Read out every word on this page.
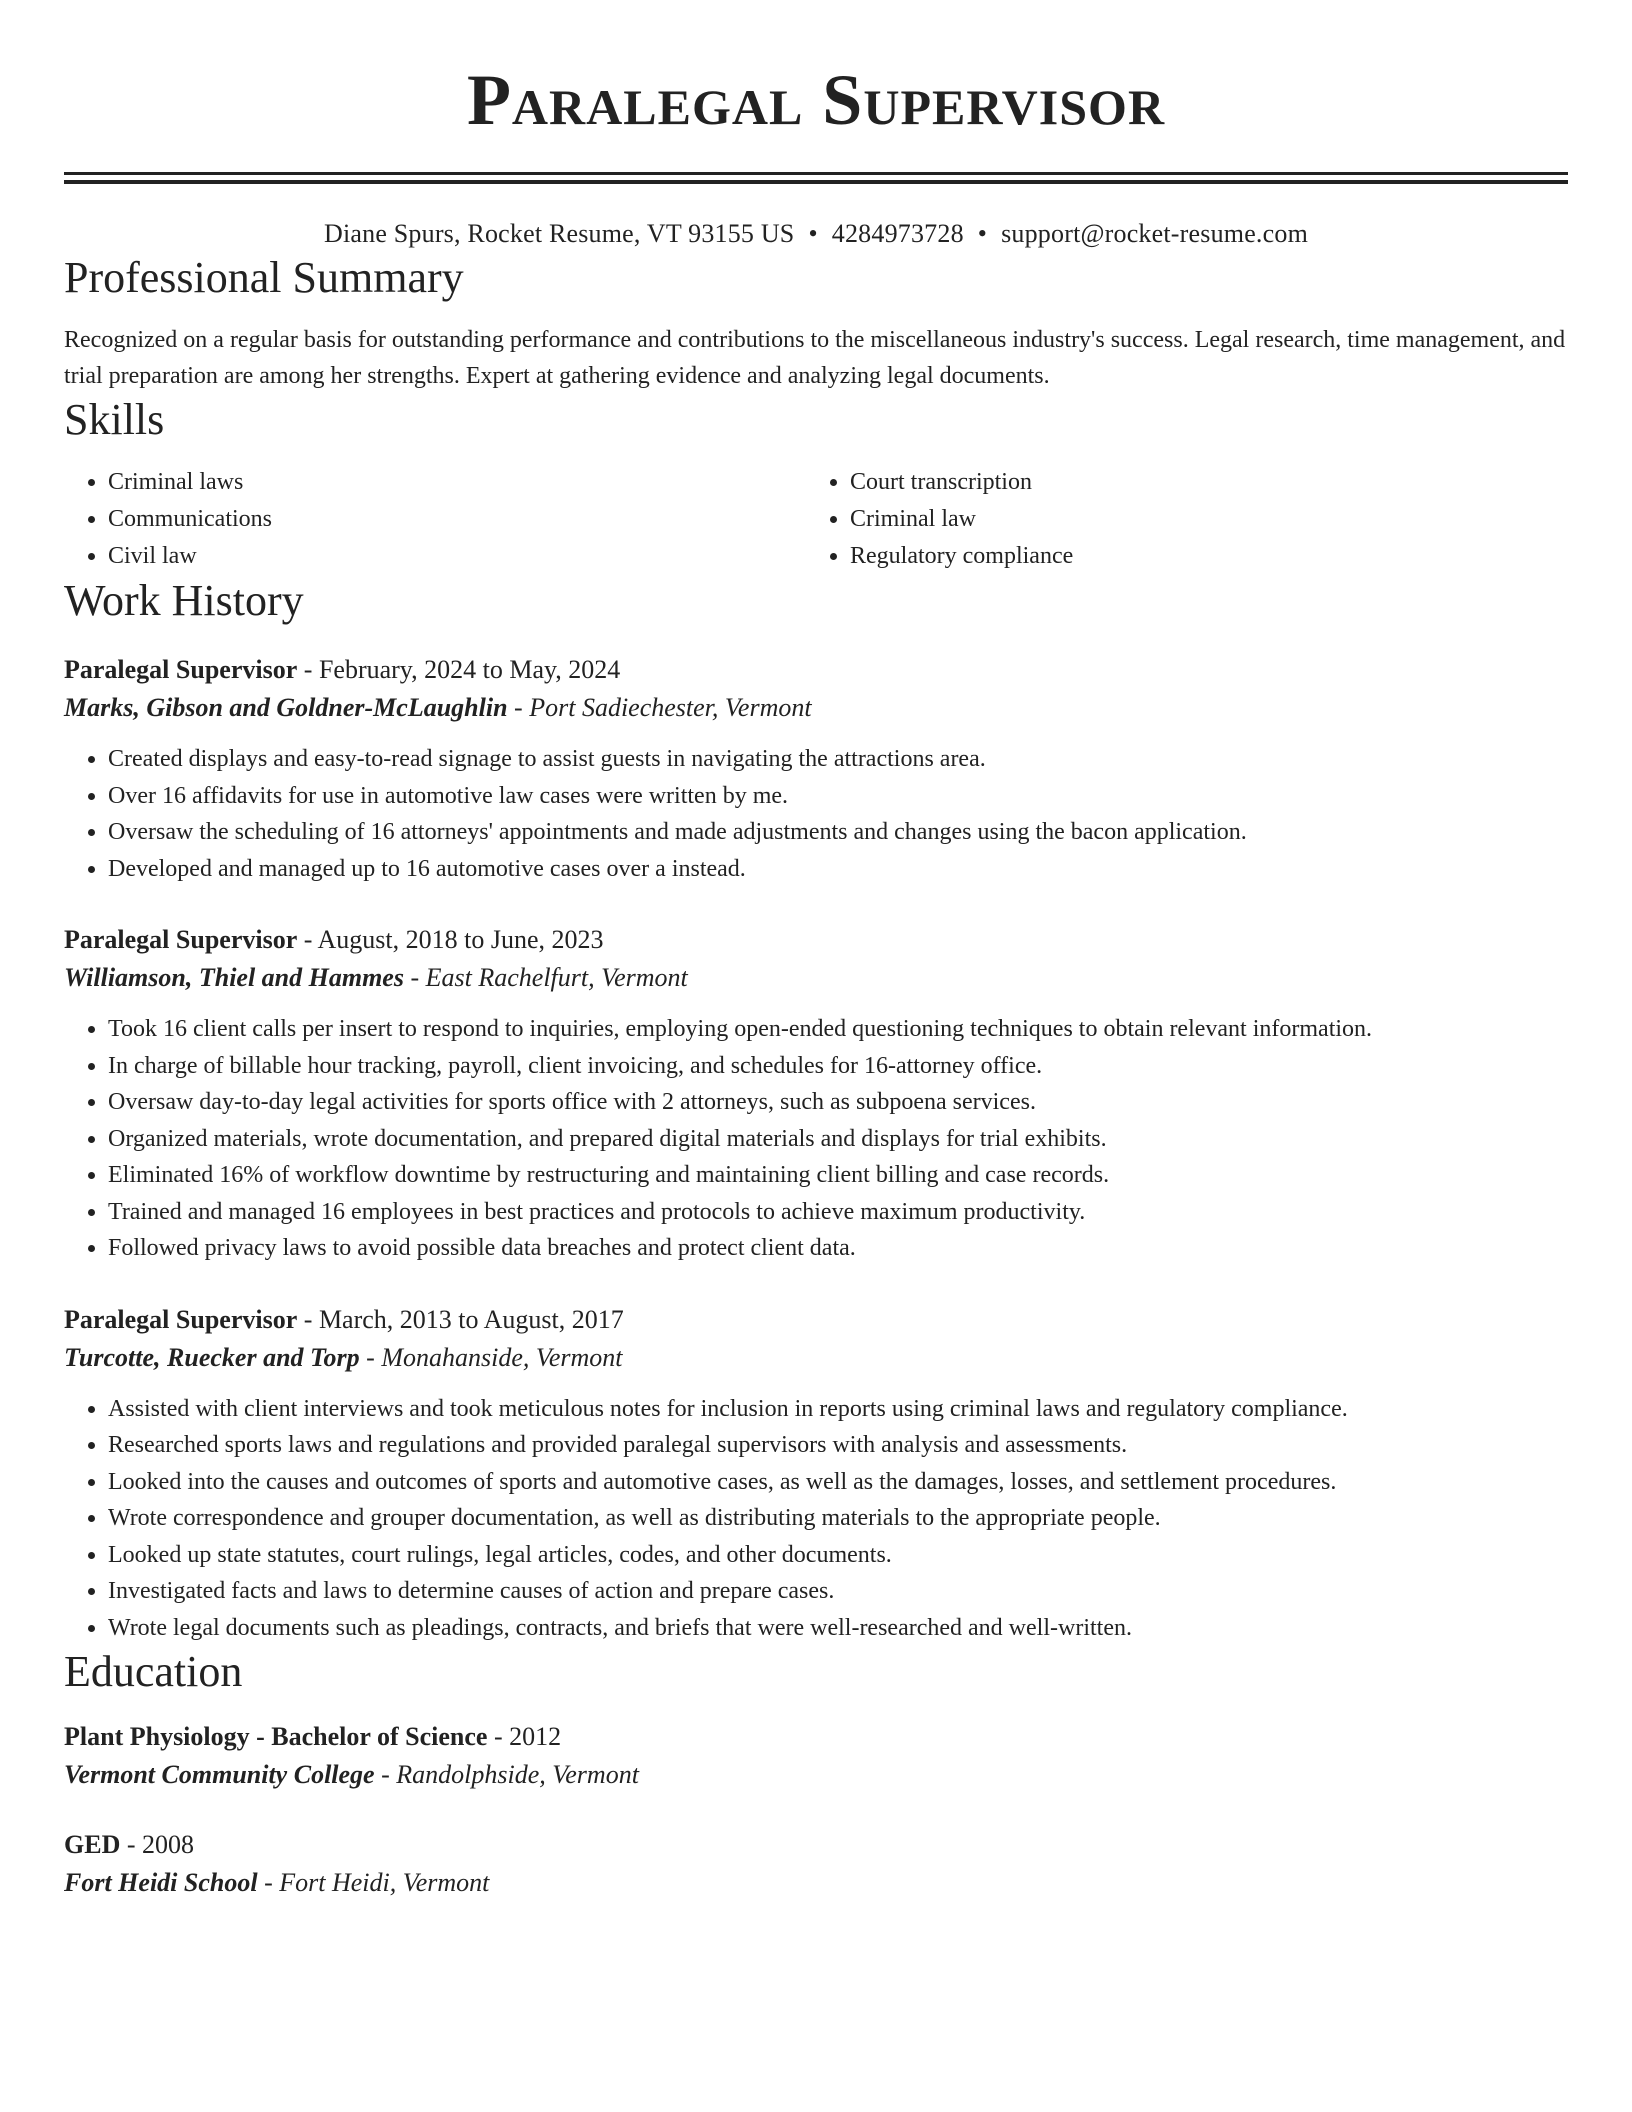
Paralegal Supervisor
Diane Spurs, Rocket Resume, VT 93155 US • 4284973728 • support@rocket-resume.com
Professional Summary
Recognized on a regular basis for outstanding performance and contributions to the miscellaneous industry's success. Legal research, time management, and trial preparation are among her strengths. Expert at gathering evidence and analyzing legal documents.
Skills
• Criminal laws
• Communications
• Civil law
• Court transcription
• Criminal law
• Regulatory compliance
Work History
Paralegal Supervisor - February, 2024 to May, 2024
Marks, Gibson and Goldner-McLaughlin - Port Sadiechester, Vermont
• Created displays and easy-to-read signage to assist guests in navigating the attractions area.
• Over 16 affidavits for use in automotive law cases were written by me.
• Oversaw the scheduling of 16 attorneys' appointments and made adjustments and changes using the bacon application.
• Developed and managed up to 16 automotive cases over a instead.
Paralegal Supervisor - August, 2018 to June, 2023
Williamson, Thiel and Hammes - East Rachelfurt, Vermont
• Took 16 client calls per insert to respond to inquiries, employing open-ended questioning techniques to obtain relevant information.
• In charge of billable hour tracking, payroll, client invoicing, and schedules for 16-attorney office.
• Oversaw day-to-day legal activities for sports office with 2 attorneys, such as subpoena services.
• Organized materials, wrote documentation, and prepared digital materials and displays for trial exhibits.
• Eliminated 16% of workflow downtime by restructuring and maintaining client billing and case records.
• Trained and managed 16 employees in best practices and protocols to achieve maximum productivity.
• Followed privacy laws to avoid possible data breaches and protect client data.
Paralegal Supervisor - March, 2013 to August, 2017
Turcotte, Ruecker and Torp - Monahanside, Vermont
• Assisted with client interviews and took meticulous notes for inclusion in reports using criminal laws and regulatory compliance.
• Researched sports laws and regulations and provided paralegal supervisors with analysis and assessments.
• Looked into the causes and outcomes of sports and automotive cases, as well as the damages, losses, and settlement procedures.
• Wrote correspondence and grouper documentation, as well as distributing materials to the appropriate people.
• Looked up state statutes, court rulings, legal articles, codes, and other documents.
• Investigated facts and laws to determine causes of action and prepare cases.
• Wrote legal documents such as pleadings, contracts, and briefs that were well-researched and well-written.
Education
Plant Physiology - Bachelor of Science - 2012
Vermont Community College - Randolphside, Vermont
GED - 2008
Fort Heidi School - Fort Heidi, Vermont
